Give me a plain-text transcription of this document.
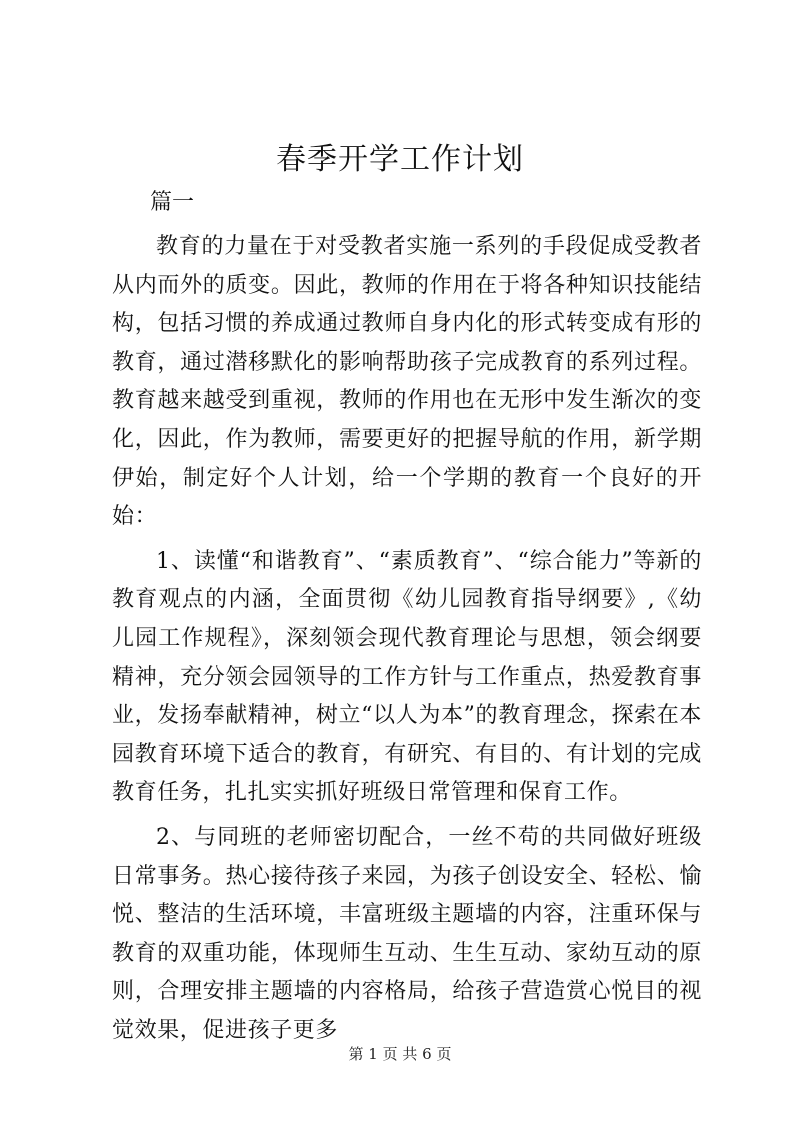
春季开学工作计划

篇一

教育的力量在于对受教者实施一系列的手段促成受教者从内而外的质变。因此，教师的作用在于将各种知识技能结构，包括习惯的养成通过教师自身内化的形式转变成有形的教育，通过潜移默化的影响帮助孩子完成教育的系列过程。教育越来越受到重视，教师的作用也在无形中发生渐次的变化，因此，作为教师，需要更好的把握导航的作用，新学期伊始，制定好个人计划，给一个学期的教育一个良好的开始：

1、读懂“和谐教育”、“素质教育”、“综合能力”等新的教育观点的内涵，全面贯彻《幼儿园教育指导纲要》,《幼儿园工作规程》，深刻领会现代教育理论与思想，领会纲要精神，充分领会园领导的工作方针与工作重点，热爱教育事业，发扬奉献精神，树立“以人为本”的教育理念，探索在本园教育环境下适合的教育，有研究、有目的、有计划的完成教育任务，扎扎实实抓好班级日常管理和保育工作。

2、与同班的老师密切配合，一丝不苟的共同做好班级日常事务。热心接待孩子来园，为孩子创设安全、轻松、愉悦、整洁的生活环境，丰富班级主题墙的内容，注重环保与教育的双重功能，体现师生互动、生生互动、家幼互动的原则，合理安排主题墙的内容格局，给孩子营造赏心悦目的视觉效果，促进孩子更多

第 1 页 共 6 页
